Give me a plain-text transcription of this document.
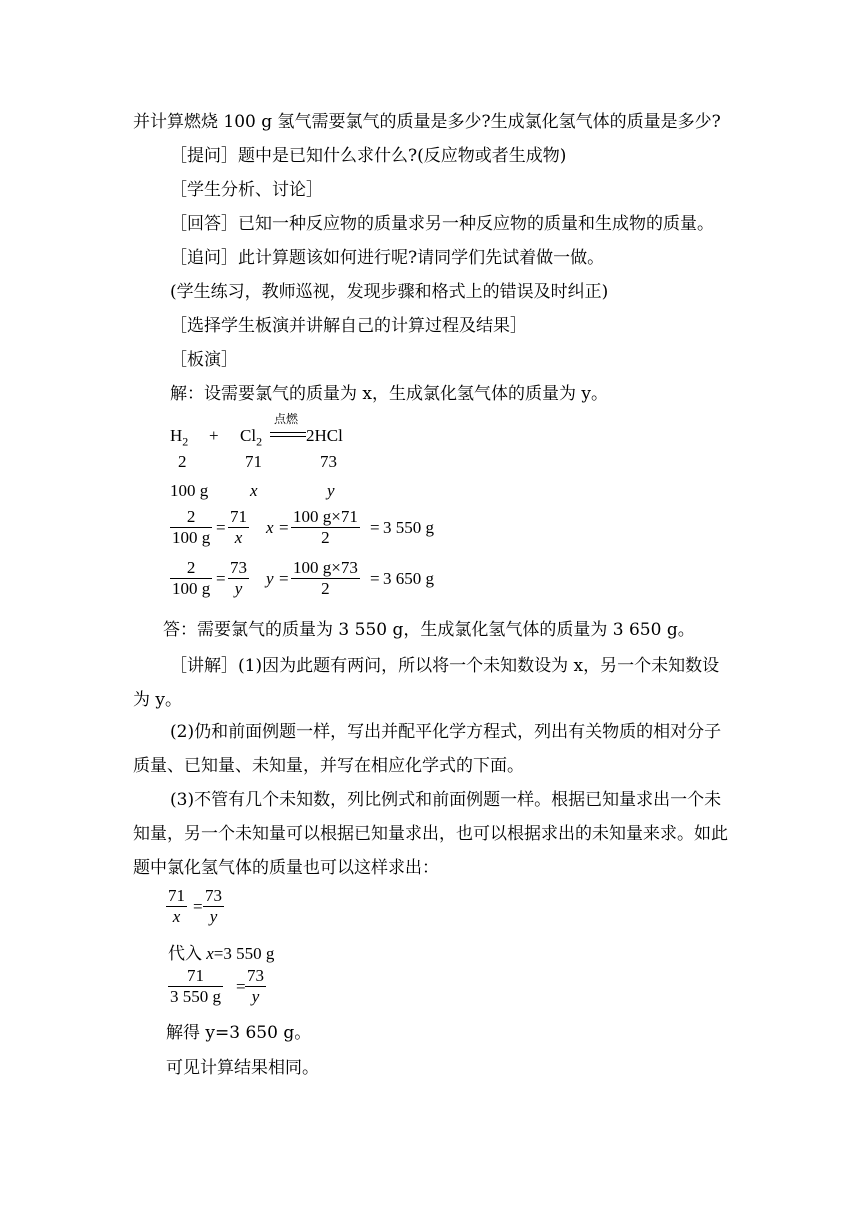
并计算燃烧 100 g 氢气需要氯气的质量是多少?生成氯化氢气体的质量是多少?
［提问］题中是已知什么求什么?(反应物或者生成物)
［学生分析、讨论］
［回答］已知一种反应物的质量求另一种反应物的质量和生成物的质量。
［追问］此计算题该如何进行呢?请同学们先试着做一做。
(学生练习，教师巡视，发现步骤和格式上的错误及时纠正)
［选择学生板演并讲解自己的计算过程及结果］
［板演］
解：设需要氯气的质量为 x，生成氯化氢气体的质量为 y。
$H_2 + Cl_2$
点燃
2HCl
2	71	73
100 g x	y
2
100 g
=
71
x
x =
100 g×71
2
= 3 550 g
2
100 g
=
73
y
y =
100 g×73
2
= 3 650 g
答：需要氯气的质量为 3 550 g，生成氯化氢气体的质量为 3 650 g。
［讲解］(1)因为此题有两问，所以将一个未知数设为 x，另一个未知数设
为 y。
(2)仍和前面例题一样，写出并配平化学方程式，列出有关物质的相对分子
质量、已知量、未知量，并写在相应化学式的下面。
(3)不管有几个未知数，列比例式和前面例题一样。根据已知量求出一个未
知量，另一个未知量可以根据已知量求出，也可以根据求出的未知量来求。如此
题中氯化氢气体的质量也可以这样求出：
71
x
=
73
y
代入 x=3 550 g
71
3 550 g
=
73
y
解得 y=3 650 g。
可见计算结果相同。
